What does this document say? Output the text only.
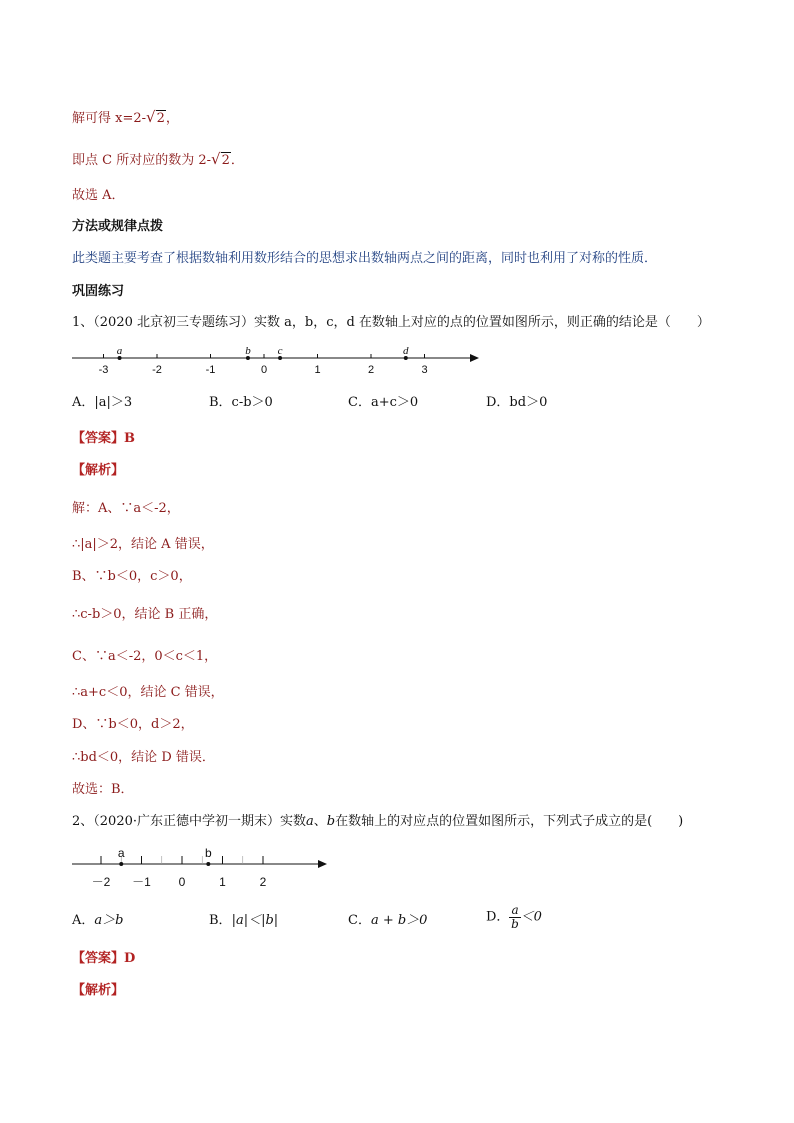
解可得 x=2-√2，
即点 C 所对应的数为 2-√2．
故选 A．
方法或规律点拨
此类题主要考查了根据数轴利用数形结合的思想求出数轴两点之间的距离，同时也利用了对称的性质．
巩固练习
1、（2020 北京初三专题练习）实数 a，b，c，d 在数轴上对应的点的位置如图所示，则正确的结论是（　　）
-3	-2	-1	0	1	2	3
a	b c	d
A．|a|＞3	B．c-b＞0	C．a+c＞0	D．bd＞0
【答案】B
【解析】
解：A、∵a＜-2，
∴|a|＞2，结论 A 错误，
B、∵b＜0，c＞0，
∴c-b＞0，结论 B 正确，
C、∵a＜-2，0＜c＜1，
∴a+c＜0，结论 C 错误，
D、∵b＜0，d＞2，
∴bd＜0，结论 D 错误．
故选：B．
2、（2020·广东正德中学初一期末）实数a、b在数轴上的对应点的位置如图所示，下列式子成立的是(　　)
－2 －1 0	1	2
a	b
A．a＞b	B．|a|＜|b|	C．a + b＞0	D． $\frac{a}{b} <0$
【答案】D
【解析】
